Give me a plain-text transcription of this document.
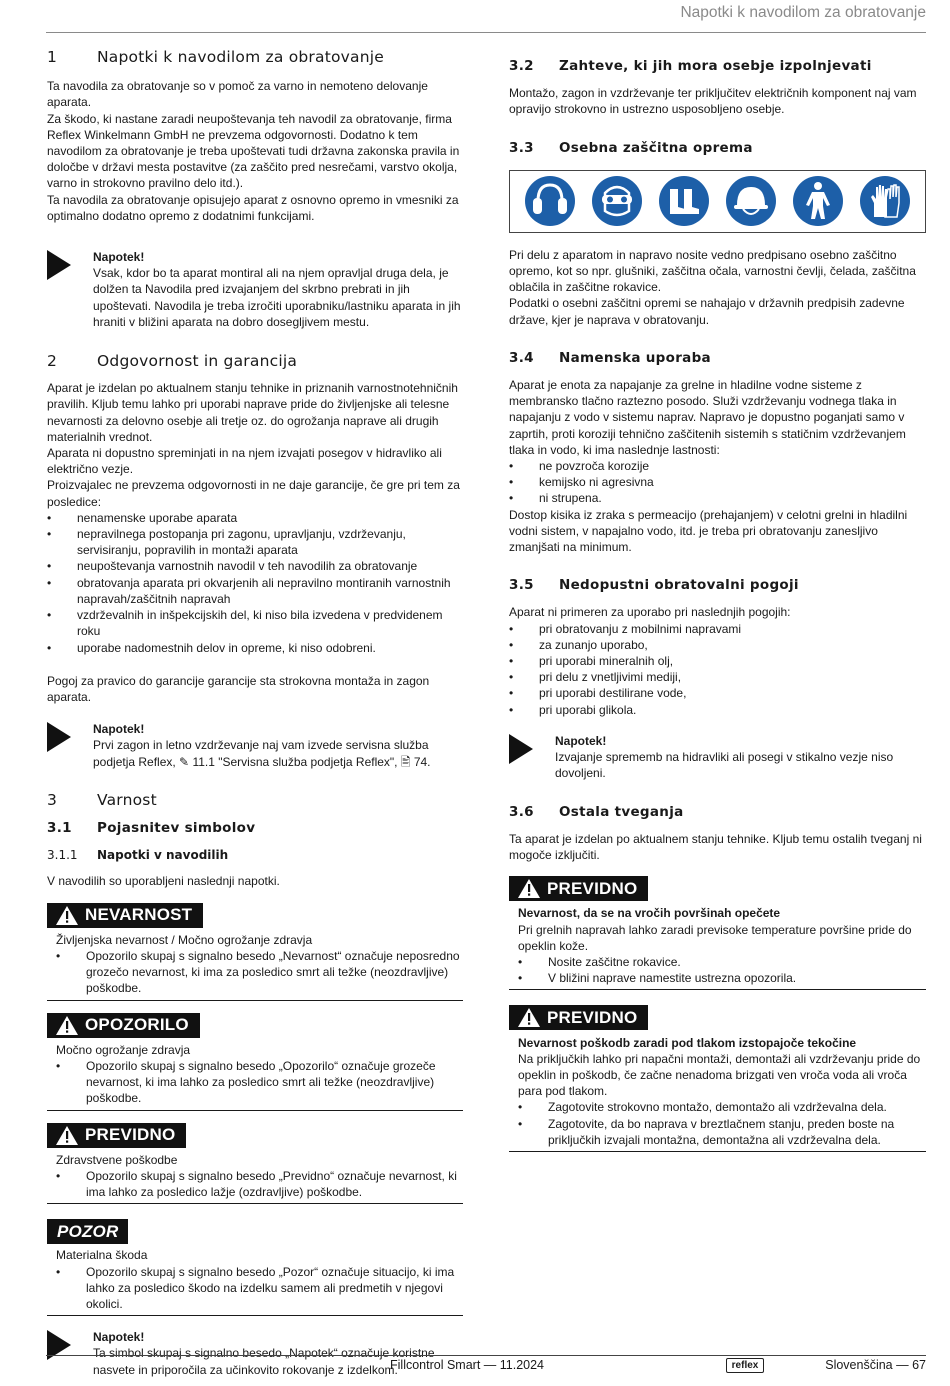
Napotki k navodilom za obratovanje
1	Napotki k navodilom za obratovanje

Ta navodila za obratovanje so v pomoč za varno in nemoteno delovanje aparata.

Za škodo, ki nastane zaradi neupoštevanja teh navodil za obratovanje, firma Reflex Winkelmann GmbH ne prevzema odgovornosti. Dodatno k tem navodilom za obratovanje je treba upoštevati tudi državna zakonska pravila in določbe v državi mesta postavitve (za zaščito pred nesrečami, varstvo okolja, varno in strokovno pravilno delo itd.).

Ta navodila za obratovanje opisujejo aparat z osnovno opremo in vmesniki za optimalno dodatno opremo z dodatnimi funkcijami.

Napotek!

Vsak, kdor bo ta aparat montiral ali na njem opravljal druga dela, je dolžen ta Navodila pred izvajanjem del skrbno prebrati in jih upoštevati. Navodila je treba izročiti uporabniku/lastniku aparata in jih hraniti v bližini aparata na dobro dosegljivem mestu.

2	Odgovornost in garancija

Aparat je izdelan po aktualnem stanju tehnike in priznanih varnostnotehničnih pravilih. Kljub temu lahko pri uporabi naprave pride do življenjske ali telesne nevarnosti za delovno osebje ali tretje oz. do ogrožanja naprave ali drugih materialnih vrednot.

Aparata ni dopustno spreminjati in na njem izvajati posegov v hidravliko ali električno vezje.

Proizvajalec ne prevzema odgovornosti in ne daje garancije, če gre pri tem za posledice:

• nenamenske uporabe aparata
• nepravilnega postopanja pri zagonu, upravljanju, vzdrževanju, servisiranju, popravilih in montaži aparata
• neupoštevanja varnostnih navodil v teh navodilih za obratovanje
• obratovanja aparata pri okvarjenih ali nepravilno montiranih varnostnih napravah/zaščitnih napravah
• vzdrževalnih in inšpekcijskih del, ki niso bila izvedena v predvidenem roku
• uporabe nadomestnih delov in opreme, ki niso odobreni.

Pogoj za pravico do garancije garancije sta strokovna montaža in zagon aparata.

Napotek!

Prvi zagon in letno vzdrževanje naj vam izvede servisna služba podjetja Reflex, ✎ 11.1 "Servisna služba podjetja Reflex", 🖹 74.

3	Varnost
3.1	Pojasnitev simbolov
3.1.1	Napotki v navodilih

V navodilih so uporabljeni naslednji napotki.

NEVARNOST

Življenjska nevarnost / Močno ogrožanje zdravja

• Opozorilo skupaj s signalno besedo „Nevarnost“ označuje neposredno grozečo nevarnost, ki ima za posledico smrt ali težke (neozdravljive) poškodbe.
OPOZORILO

Močno ogrožanje zdravja

• Opozorilo skupaj s signalno besedo „Opozorilo“ označuje grozeče nevarnost, ki ima lahko za posledico smrt ali težke (neozdravljive) poškodbe.
PREVIDNO

Zdravstvene poškodbe

• Opozorilo skupaj s signalno besedo „Previdno“ označuje nevarnost, ki ima lahko za posledico lažje (ozdravljive) poškodbe.
POZOR

Materialna škoda

• Opozorilo skupaj s signalno besedo „Pozor“ označuje situacijo, ki ima lahko za posledico škodo na izdelku samem ali predmetih v njegovi okolici.
Napotek!

Ta simbol skupaj s signalno besedo „Napotek“ označuje koristne nasvete in priporočila za učinkovito rokovanje z izdelkom.

3.2	Zahteve, ki jih mora osebje izpolnjevati

Montažo, zagon in vzdrževanje ter priključitev električnih komponent naj vam opravijo strokovno in ustrezno usposobljeno osebje.

3.3	Osebna zaščitna oprema

Pri delu z aparatom in napravo nosite vedno predpisano osebno zaščitno opremo, kot so npr. glušniki, zaščitna očala, varnostni čevlji, čelada, zaščitna oblačila in zaščitne rokavice.

Podatki o osebni zaščitni opremi se nahajajo v državnih predpisih zadevne države, kjer je naprava v obratovanju.

3.4	Namenska uporaba

Aparat je enota za napajanje za grelne in hladilne vodne sisteme z membransko tlačno raztezno posodo. Služi vzdrževanju vodnega tlaka in napajanju z vodo v sistemu naprav. Napravo je dopustno poganjati samo v zaprtih, proti koroziji tehnično zaščitenih sistemih s statičnim vzdrževanjem tlaka in vodo, ki ima naslednje lastnosti:

• ne povzroča korozije
• kemijsko ni agresivna
• ni strupena.

Dostop kisika iz zraka s permeacijo (prehajanjem) v celotni grelni in hladilni vodni sistem, v napajalno vodo, itd. je treba pri obratovanju zanesljivo zmanjšati na minimum.

3.5	Nedopustni obratovalni pogoji

Aparat ni primeren za uporabo pri naslednjih pogojih:

• pri obratovanju z mobilnimi napravami
• za zunanjo uporabo,
• pri uporabi mineralnih olj,
• pri delu z vnetljivimi mediji,
• pri uporabi destilirane vode,
• pri uporabi glikola.
Napotek!

Izvajanje sprememb na hidravliki ali posegi v stikalno vezje niso dovoljeni.

3.6	Ostala tveganja

Ta aparat je izdelan po aktualnem stanju tehnike. Kljub temu ostalih tveganj ni mogoče izključiti.

PREVIDNO

Nevarnost, da se na vročih površinah opečete

Pri grelnih napravah lahko zaradi previsoke temperature površine pride do opeklin kože.

• Nosite zaščitne rokavice.
• V bližini naprave namestite ustrezna opozorila.
PREVIDNO

Nevarnost poškodb zaradi pod tlakom izstopajoče tekočine

Na priključkih lahko pri napačni montaži, demontaži ali vzdrževanju pride do opeklin in poškodb, če začne nenadoma brizgati ven vroča voda ali vroča para pod tlakom.

• Zagotovite strokovno montažo, demontažo ali vzdrževalna dela.
• Zagotovite, da bo naprava v breztlačnem stanju, preden boste na priključkih izvajali montažna, demontažna ali vzdrževalna dela.
Fillcontrol Smart — 11.2024	reflex	Slovenščina — 67
